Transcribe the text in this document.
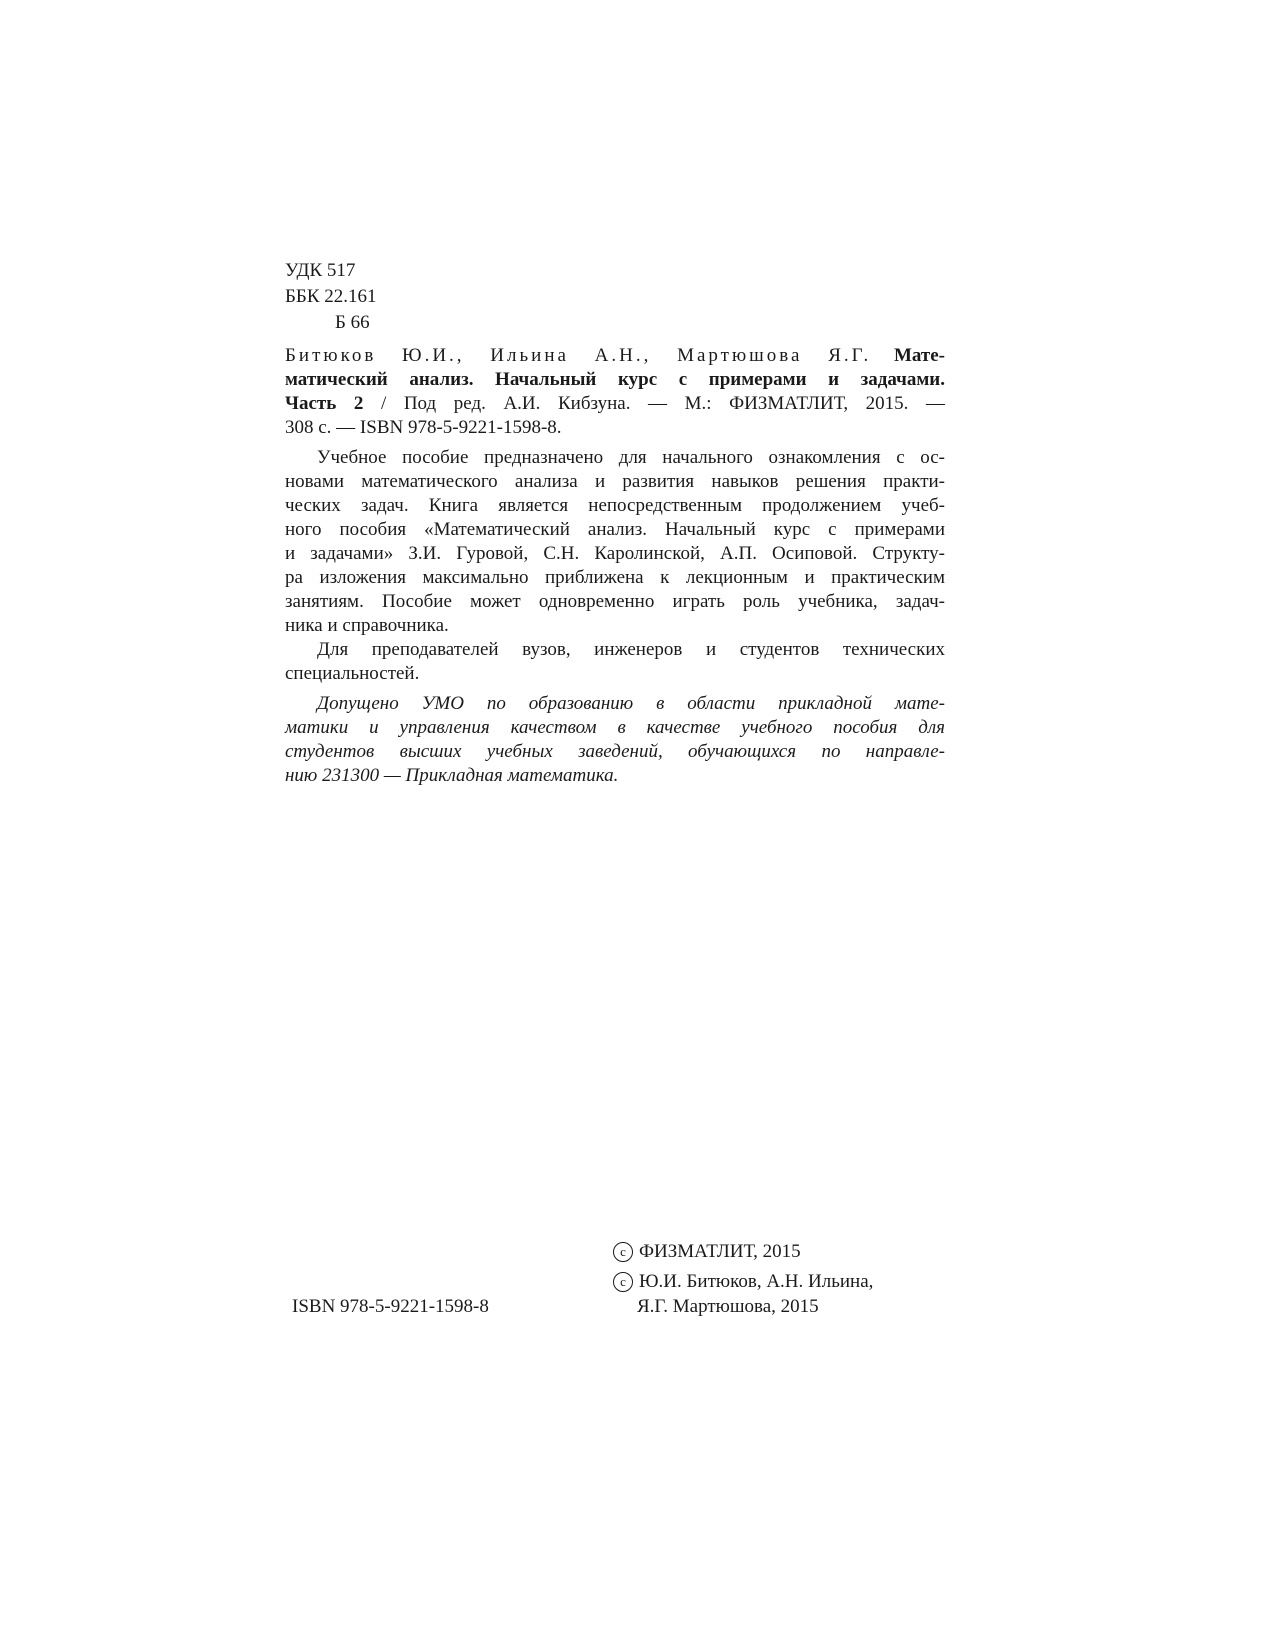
УДК 517
ББК 22.161
Б 66
Битюков Ю.И., Ильина А.Н., Мартюшова Я.Г. Мате-
матический анализ. Начальный курс с примерами и задачами.
Часть 2 / Под ред. А.И. Кибзуна. — М.: ФИЗМАТЛИТ, 2015. —
308 с. — ISBN 978-5-9221-1598-8.
Учебное пособие предназначено для начального ознакомления с ос-
новами математического анализа и развития навыков решения практи-
ческих задач. Книга является непосредственным продолжением учеб-
ного пособия «Математический анализ. Начальный курс с примерами
и задачами» З.И. Гуровой, С.Н. Каролинской, А.П. Осиповой. Структу-
ра изложения максимально приближена к лекционным и практическим
занятиям. Пособие может одновременно играть роль учебника, задач-
ника и справочника.
Для преподавателей вузов, инженеров и студентов технических
специальностей.
Допущено УМО по образованию в области прикладной мате-
матики и управления качеством в качестве учебного пособия для
студентов высших учебных заведений, обучающихся по направле-
нию 231300 — Прикладная математика.
c ФИЗМАТЛИТ, 2015
c Ю.И. Битюков, А.Н. Ильина,
Я.Г. Мартюшова, 2015
ISBN 978-5-9221-1598-8
